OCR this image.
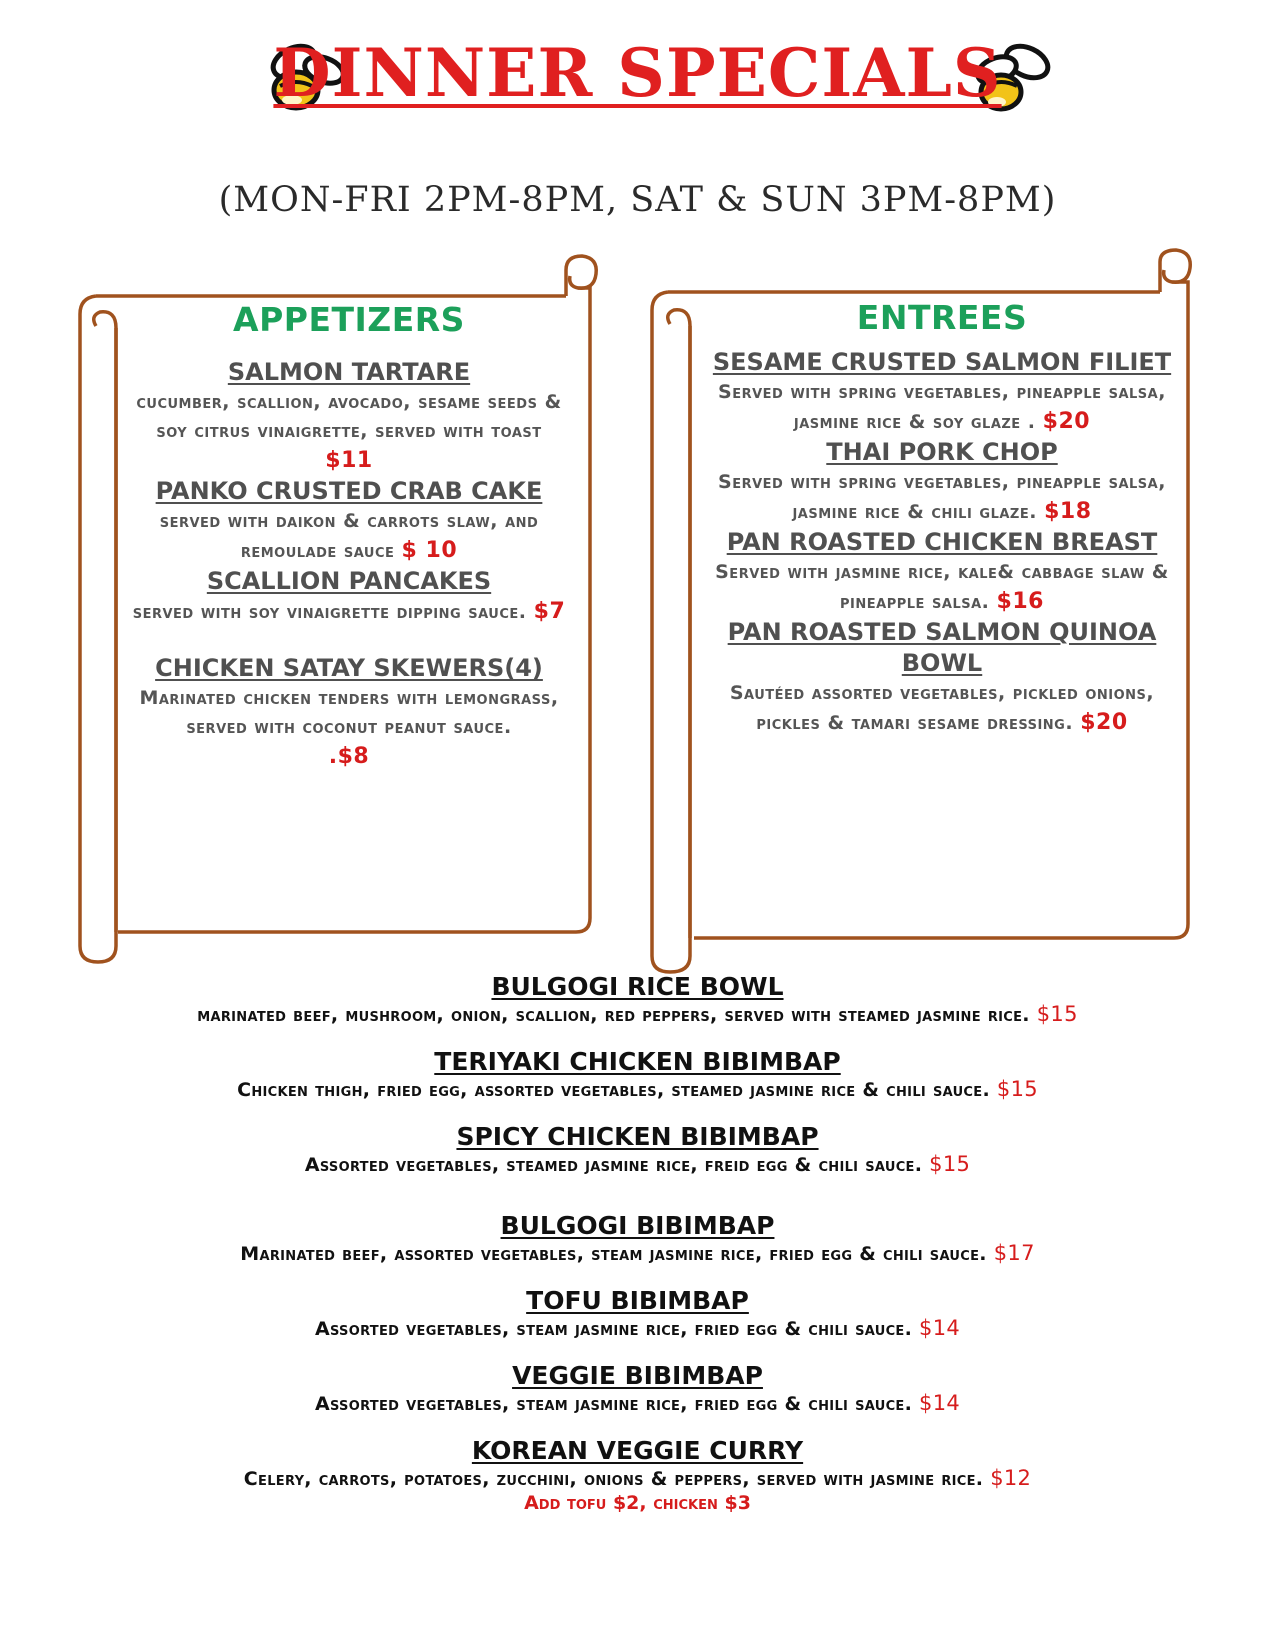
DINNER SPECIALS
(MON-FRI 2PM-8PM, SAT & SUN 3PM-8PM)
APPETIZERS

SALMON TARTARE

cucumber, scallion, avocado, sesame seeds & soy citrus vinaigrette, served with toast
$11

PANKO CRUSTED CRAB CAKE

served with daikon & carrots slaw, and remoulade sauce $ 10

SCALLION PANCAKES

served with soy vinaigrette dipping sauce. $7

CHICKEN SATAY SKEWERS(4)

Marinated chicken tenders with lemongrass, served with coconut peanut sauce.
.$8

ENTREES

SESAME CRUSTED SALMON FILIET

Served with spring vegetables, pineapple salsa, jasmine rice & soy glaze . $20

THAI PORK CHOP

Served with spring vegetables, pineapple salsa, jasmine rice & chili glaze. $18

PAN ROASTED CHICKEN BREAST

Served with jasmine rice, kale& cabbage slaw & pineapple salsa. $16

PAN ROASTED SALMON QUINOA BOWL

Sautéed assorted vegetables, pickled onions, pickles & tamari sesame dressing. $20

BULGOGI RICE BOWL

marinated beef, mushroom, onion, scallion, red peppers, served with steamed jasmine rice. $15

TERIYAKI CHICKEN BIBIMBAP

Chicken thigh, fried egg, assorted vegetables, steamed jasmine rice & chili sauce. $15

SPICY CHICKEN BIBIMBAP

Assorted vegetables, steamed jasmine rice, freid egg & chili sauce. $15

BULGOGI BIBIMBAP

Marinated beef, assorted vegetables, steam jasmine rice, fried egg & chili sauce. $17

TOFU BIBIMBAP

Assorted vegetables, steam jasmine rice, fried egg & chili sauce. $14

VEGGIE BIBIMBAP

Assorted vegetables, steam jasmine rice, fried egg & chili sauce. $14

KOREAN VEGGIE CURRY

Celery, carrots, potatoes, zucchini, onions & peppers, served with jasmine rice. $12

Add tofu $2, chicken $3
